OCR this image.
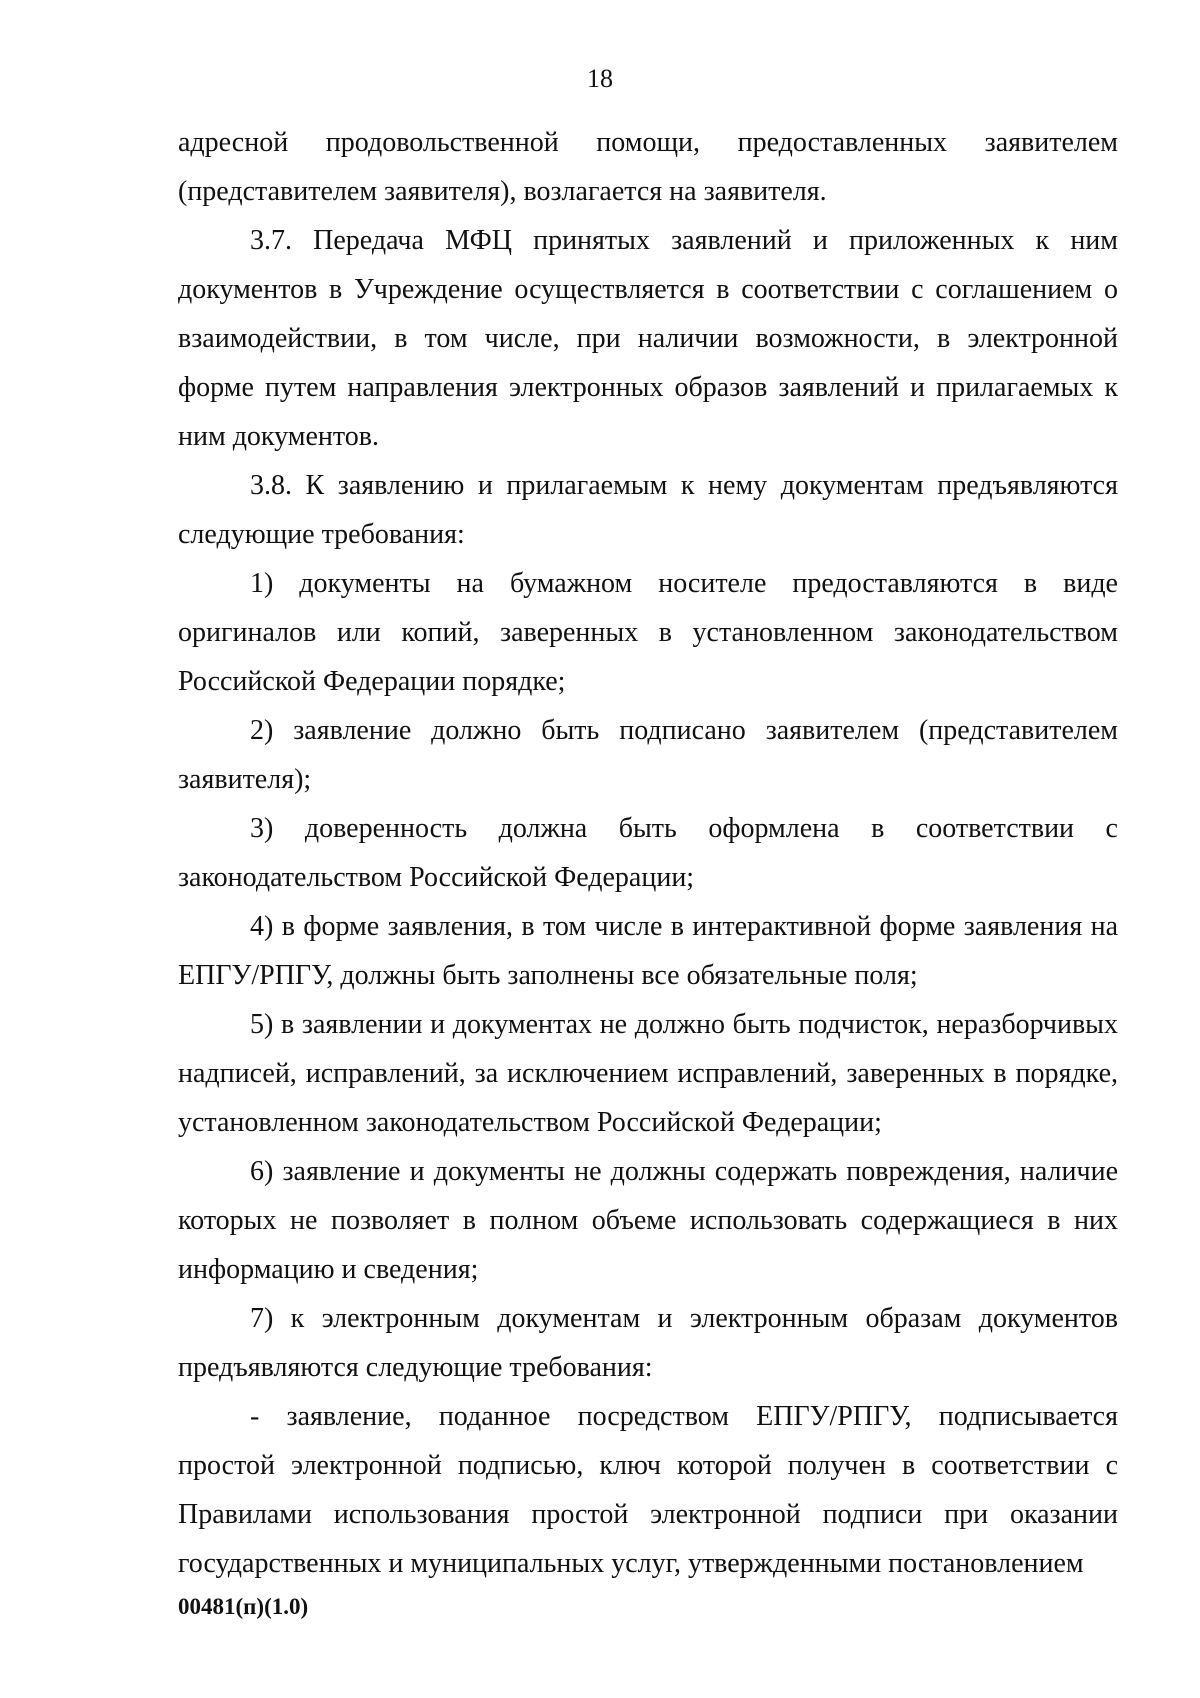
18

адресной продовольственной помощи, предоставленных заявителем (представителем заявителя), возлагается на заявителя.

3.7. Передача МФЦ принятых заявлений и приложенных к ним документов в Учреждение осуществляется в соответствии с соглашением о взаимодействии, в том числе, при наличии возможности, в электронной форме путем направления электронных образов заявлений и прилагаемых к ним документов.

3.8. К заявлению и прилагаемым к нему документам предъявляются следующие требования:

1) документы на бумажном носителе предоставляются в виде оригиналов или копий, заверенных в установленном законодательством Российской Федерации порядке;

2) заявление должно быть подписано заявителем (представителем заявителя);

3) доверенность должна быть оформлена в соответствии с законодательством Российской Федерации;

4) в форме заявления, в том числе в интерактивной форме заявления на ЕПГУ/РПГУ, должны быть заполнены все обязательные поля;

5) в заявлении и документах не должно быть подчисток, неразборчивых надписей, исправлений, за исключением исправлений, заверенных в порядке, установленном законодательством Российской Федерации;

6) заявление и документы не должны содержать повреждения, наличие которых не позволяет в полном объеме использовать содержащиеся в них информацию и сведения;

7) к электронным документам и электронным образам документов предъявляются следующие требования:

- заявление, поданное посредством ЕПГУ/РПГУ, подписывается простой электронной подписью, ключ которой получен в соответствии с Правилами использования простой электронной подписи при оказании государственных и муниципальных услуг, утвержденными постановлением

00481(п)(1.0)
